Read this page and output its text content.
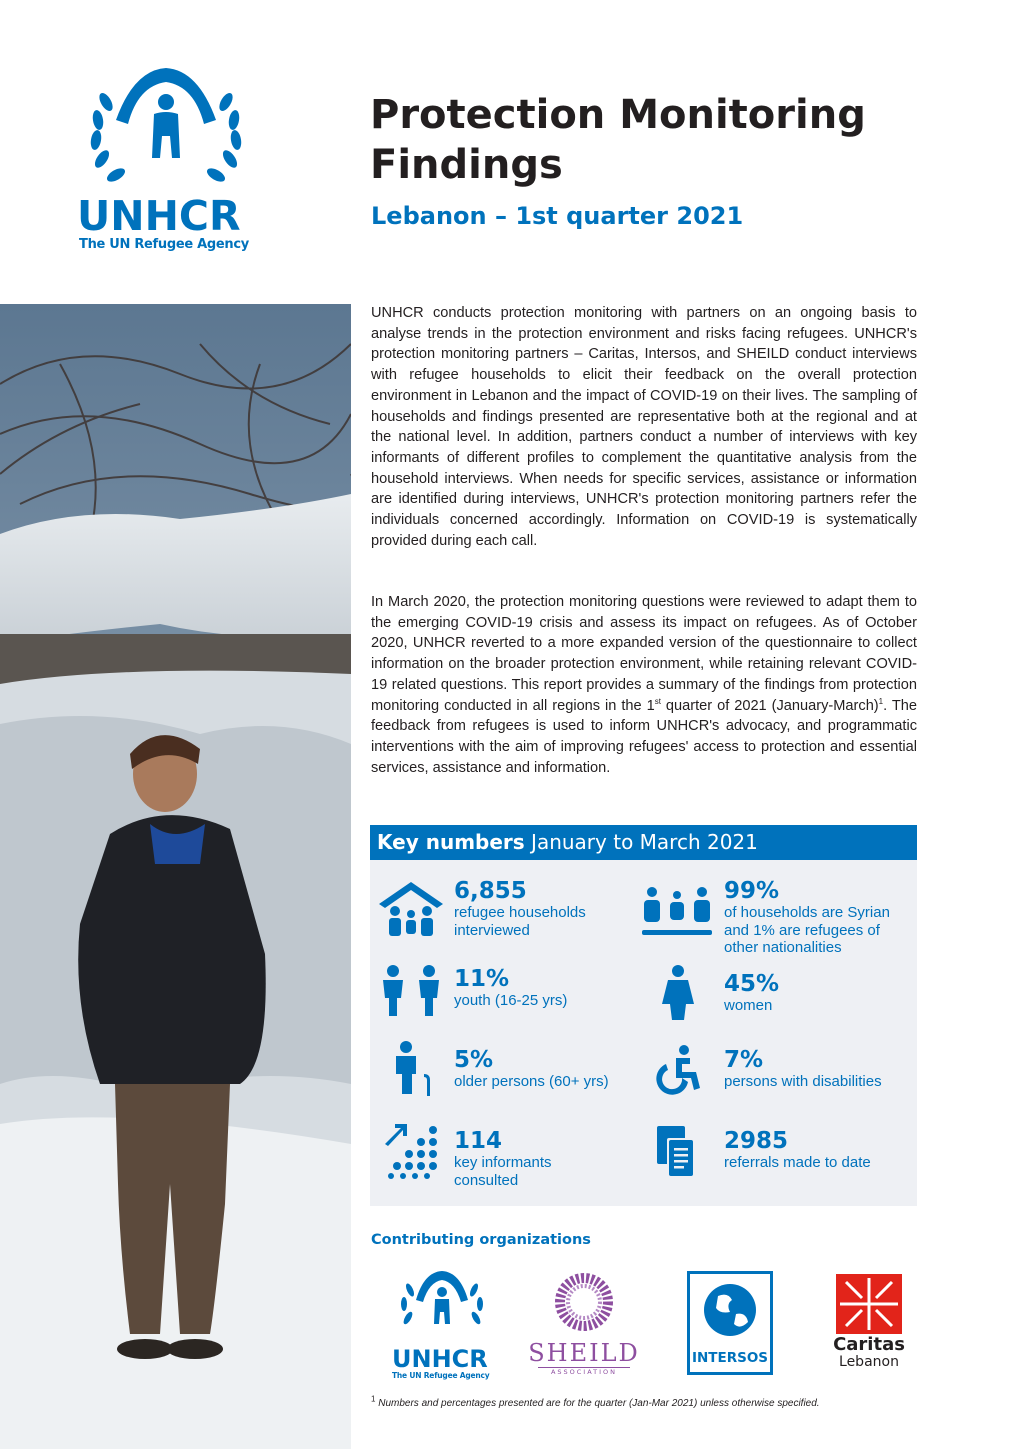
UNHCR
The UN Refugee Agency
Protection Monitoring
Findings
Lebanon – 1st quarter 2021

UNHCR conducts protection monitoring with partners on an ongoing basis to analyse trends in the protection environment and risks facing refugees. UNHCR's protection monitoring partners – Caritas, Intersos, and SHEILD conduct interviews with refugee households to elicit their feedback on the overall protection environment in Lebanon and the impact of COVID-19 on their lives. The sampling of households and findings presented are representative both at the regional and at the national level. In addition, partners conduct a number of interviews with key informants of different profiles to complement the quantitative analysis from the household interviews. When needs for specific services, assistance or information are identified during interviews, UNHCR's protection monitoring partners refer the individuals concerned accordingly. Information on COVID-19 is systematically provided during each call.

In March 2020, the protection monitoring questions were reviewed to adapt them to the emerging COVID-19 crisis and assess its impact on refugees. As of October 2020, UNHCR reverted to a more expanded version of the questionnaire to collect information on the broader protection environment, while retaining relevant COVID-19 related questions. This report provides a summary of the findings from protection monitoring conducted in all regions in the 1st quarter of 2021 (January-March)$^1$. The feedback from refugees is used to inform UNHCR's advocacy, and programmatic interventions with the aim of improving refugees' access to protection and essential services, assistance and information.

Key numbers January to March 2021
6,855
refugee households
interviewed
99%
of households are Syrian
and 1% are refugees of
other nationalities
11%
youth (16-25 yrs)
45%
women
5%
older persons (60+ yrs)
7%
persons with disabilities
114
key informants
consulted
2985
referrals made to date
Contributing organizations
UNHCR
The UN Refugee Agency
SHEILD
ASSOCIATION
INTERSOS
Caritas
Lebanon
$^1$ Numbers and percentages presented are for the quarter (Jan-Mar 2021) unless otherwise specified.
